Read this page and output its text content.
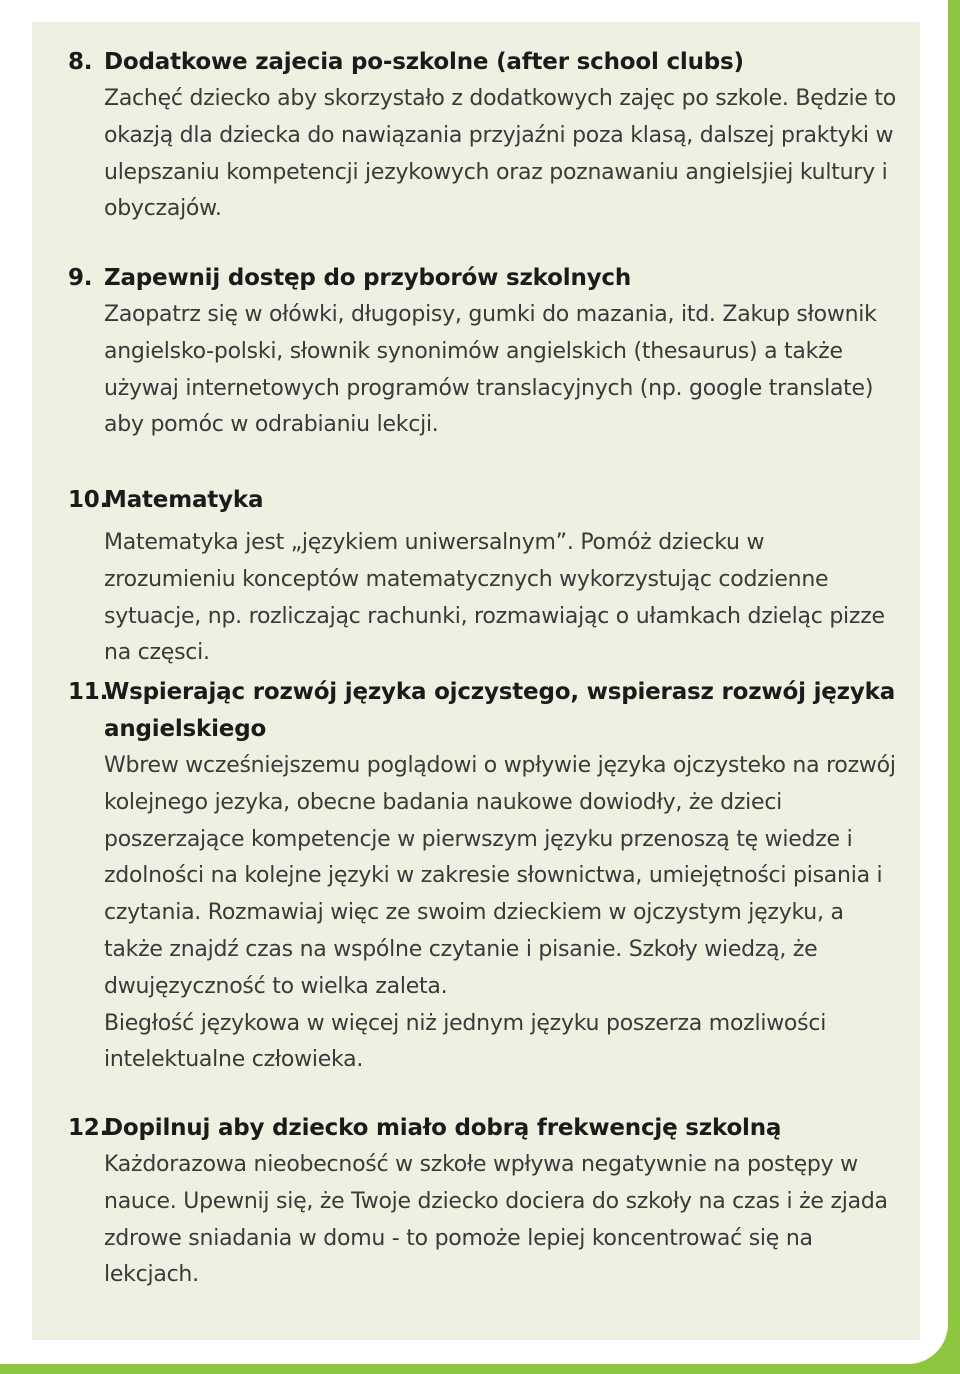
8. Dodatkowe zajecia po-szkolne (after school clubs)

Zachęć dziecko aby skorzystało z dodatkowych zajęc po szkole. Będzie to okazją dla dziecka do nawiązania przyjaźni poza klasą, dalszej praktyki w ulepszaniu kompetencji jezykowych oraz poznawaniu angielsjiej kultury i obyczajów.

9. Zapewnij dostęp do przyborów szkolnych

Zaopatrz się w ołówki, długopisy, gumki do mazania, itd. Zakup słownik angielsko-polski, słownik synonimów angielskich (thesaurus) a także używaj internetowych programów translacyjnych (np. google translate) aby pomóc w odrabianiu lekcji.

10.
Matematyka

Matematyka jest „językiem uniwersalnym”. Pomóż dziecku w zrozumieniu konceptów matematycznych wykorzystując codzienne sytuacje, np. rozliczając rachunki, rozmawiając o ułamkach dzieląc pizze na częsci.

11.
Wspierając rozwój języka ojczystego, wspierasz rozwój języka angielskiego

Wbrew wcześniejszemu poglądowi o wpływie języka ojczysteko na rozwój kolejnego jezyka, obecne badania naukowe dowiodły, że dzieci poszerzające kompetencje w pierwszym języku przenoszą tę wiedze i zdolności na kolejne języki w zakresie słownictwa, umiejętności pisania i czytania. Rozmawiaj więc ze swoim dzieckiem w ojczystym języku, a także znajdź czas na wspólne czytanie i pisanie. Szkoły wiedzą, że dwujęzyczność to wielka zaleta.

Biegłość językowa w więcej niż jednym języku poszerza mozliwości intelektualne człowieka.

12.
Dopilnuj aby dziecko miało dobrą frekwencję szkolną

Każdorazowa nieobecność w szkołe wpływa negatywnie na postępy w nauce. Upewnij się, że Twoje dziecko dociera do szkoły na czas i że zjada zdrowe sniadania w domu - to pomoże lepiej koncentrować się na lekcjach.
